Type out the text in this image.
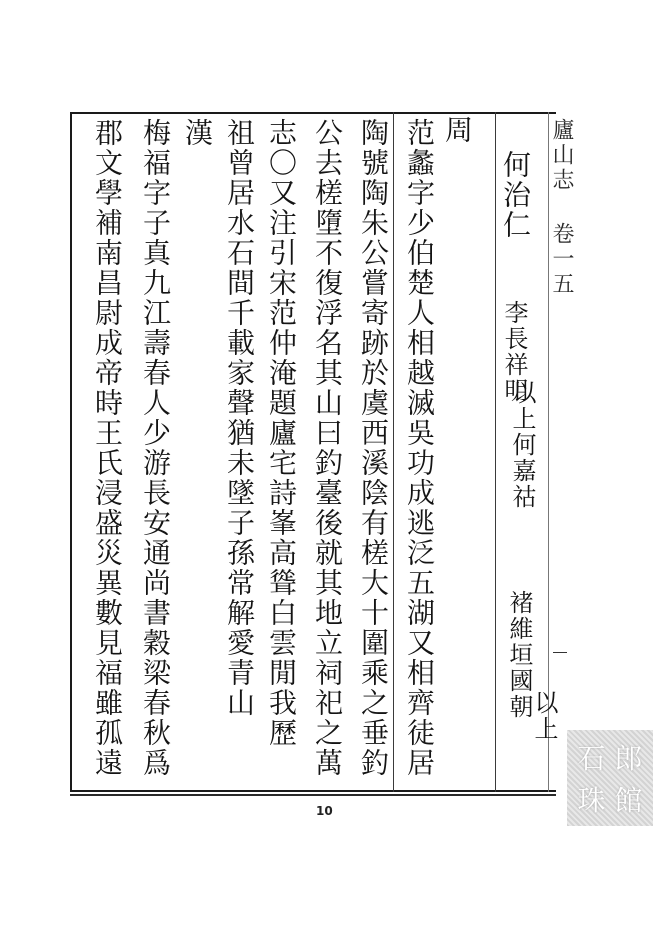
廬山志
卷一五
何治仁
李長祥明
以上何嘉祜
褚維垣國朝
以上
周
范蠡字少伯楚人相越滅吳功成逃泛五湖又相齊徒居
陶號陶朱公嘗寄跡於虞西溪陰有槎大十圍乘之垂釣
公去槎墮不復浮名其山曰釣臺後就其地立祠祀之萬
志〇又注引宋范仲淹題廬宅詩峯高聳白雲閒我歷
祖曾居水石間千載家聲猶未墜子孫常解愛青山
漢
梅福字子真九江壽春人少游長安通尚書穀梁春秋爲
郡文學補南昌尉成帝時王氏浸盛災異數見福雖孤遠
10
石 郎
珠 館
